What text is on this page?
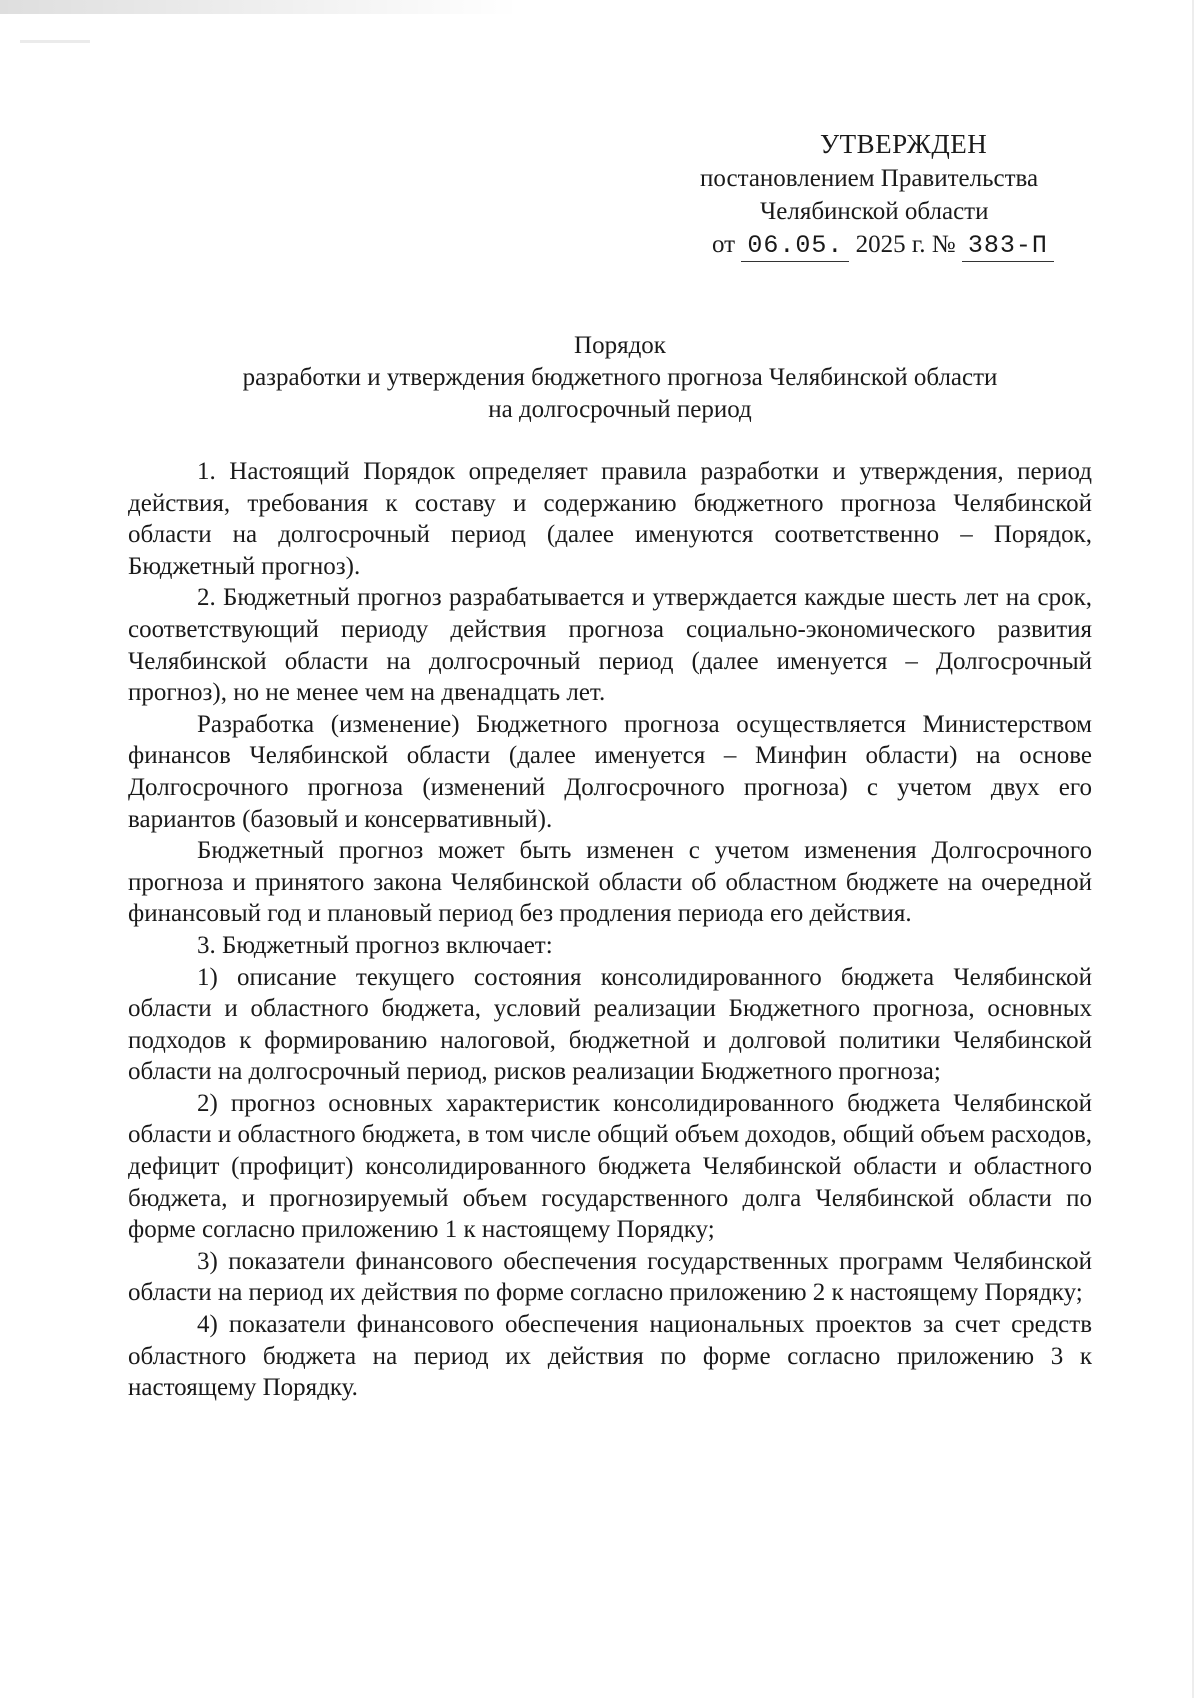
УТВЕРЖДЕН
постановлением Правительства
Челябинской области
от 06.05. 2025 г. № 383-П
Порядок
разработки и утверждения бюджетного прогноза Челябинской области
на долгосрочный период

1. Настоящий Порядок определяет правила разработки и утверждения, период действия, требования к составу и содержанию бюджетного прогноза Челябинской области на долгосрочный период (далее именуются соответственно – Порядок, Бюджетный прогноз).

2. Бюджетный прогноз разрабатывается и утверждается каждые шесть лет на срок, соответствующий периоду действия прогноза социально-экономического развития Челябинской области на долгосрочный период (далее именуется – Долгосрочный прогноз), но не менее чем на двенадцать лет.

Разработка (изменение) Бюджетного прогноза осуществляется Министерством финансов Челябинской области (далее именуется – Минфин области) на основе Долгосрочного прогноза (изменений Долгосрочного прогноза) с учетом двух его вариантов (базовый и консервативный).

Бюджетный прогноз может быть изменен с учетом изменения Долгосрочного прогноза и принятого закона Челябинской области об областном бюджете на очередной финансовый год и плановый период без продления периода его действия.

3. Бюджетный прогноз включает:

1) описание текущего состояния консолидированного бюджета Челябинской области и областного бюджета, условий реализации Бюджетного прогноза, основных подходов к формированию налоговой, бюджетной и долговой политики Челябинской области на долгосрочный период, рисков реализации Бюджетного прогноза;

2) прогноз основных характеристик консолидированного бюджета Челябинской области и областного бюджета, в том числе общий объем доходов, общий объем расходов, дефицит (профицит) консолидированного бюджета Челябинской области и областного бюджета, и прогнозируемый объем государственного долга Челябинской области по форме согласно приложению 1 к настоящему Порядку;

3) показатели финансового обеспечения государственных программ Челябинской области на период их действия по форме согласно приложению 2 к настоящему Порядку;

4) показатели финансового обеспечения национальных проектов за счет средств областного бюджета на период их действия по форме согласно приложению 3 к настоящему Порядку.
